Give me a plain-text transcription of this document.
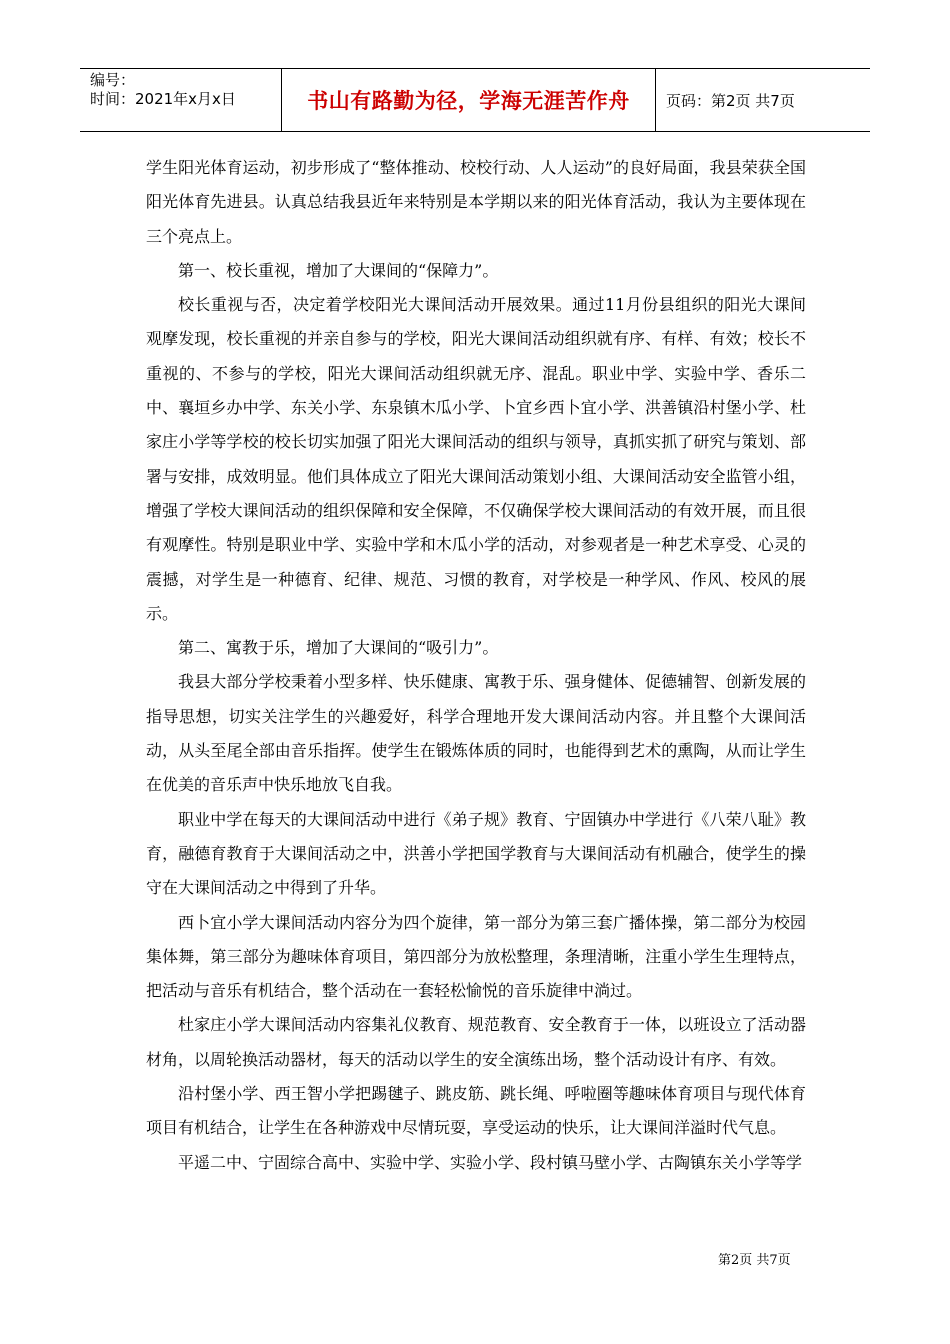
编号：
时间：2021年x月x日	书山有路勤为径，学海无涯苦作舟	页码：第2页 共7页

学生阳光体育运动，初步形成了“整体推动、校校行动、人人运动”的良好局面，我县荣获全国阳光体育先进县。认真总结我县近年来特别是本学期以来的阳光体育活动，我认为主要体现在三个亮点上。

第一、校长重视，增加了大课间的“保障力”。

校长重视与否，决定着学校阳光大课间活动开展效果。通过11月份县组织的阳光大课间观摩发现，校长重视的并亲自参与的学校，阳光大课间活动组织就有序、有样、有效；校长不重视的、不参与的学校，阳光大课间活动组织就无序、混乱。职业中学、实验中学、香乐二中、襄垣乡办中学、东关小学、东泉镇木瓜小学、卜宜乡西卜宜小学、洪善镇沿村堡小学、杜家庄小学等学校的校长切实加强了阳光大课间活动的组织与领导，真抓实抓了研究与策划、部署与安排，成效明显。他们具体成立了阳光大课间活动策划小组、大课间活动安全监管小组，增强了学校大课间活动的组织保障和安全保障，不仅确保学校大课间活动的有效开展，而且很有观摩性。特别是职业中学、实验中学和木瓜小学的活动，对参观者是一种艺术享受、心灵的震撼，对学生是一种德育、纪律、规范、习惯的教育，对学校是一种学风、作风、校风的展示。

第二、寓教于乐，增加了大课间的“吸引力”。

我县大部分学校秉着小型多样、快乐健康、寓教于乐、强身健体、促德辅智、创新发展的指导思想，切实关注学生的兴趣爱好，科学合理地开发大课间活动内容。并且整个大课间活动，从头至尾全部由音乐指挥。使学生在锻炼体质的同时，也能得到艺术的熏陶，从而让学生在优美的音乐声中快乐地放飞自我。

职业中学在每天的大课间活动中进行《弟子规》教育、宁固镇办中学进行《八荣八耻》教育，融德育教育于大课间活动之中，洪善小学把国学教育与大课间活动有机融合，使学生的操守在大课间活动之中得到了升华。

西卜宜小学大课间活动内容分为四个旋律，第一部分为第三套广播体操，第二部分为校园集体舞，第三部分为趣味体育项目，第四部分为放松整理，条理清晰，注重小学生生理特点，把活动与音乐有机结合，整个活动在一套轻松愉悦的音乐旋律中淌过。

杜家庄小学大课间活动内容集礼仪教育、规范教育、安全教育于一体，以班设立了活动器材角，以周轮换活动器材，每天的活动以学生的安全演练出场，整个活动设计有序、有效。

沿村堡小学、西王智小学把踢毽子、跳皮筋、跳长绳、呼啦圈等趣味体育项目与现代体育项目有机结合，让学生在各种游戏中尽情玩耍，享受运动的快乐，让大课间洋溢时代气息。

平遥二中、宁固综合高中、实验中学、实验小学、段村镇马壁小学、古陶镇东关小学等学

第2页 共7页
